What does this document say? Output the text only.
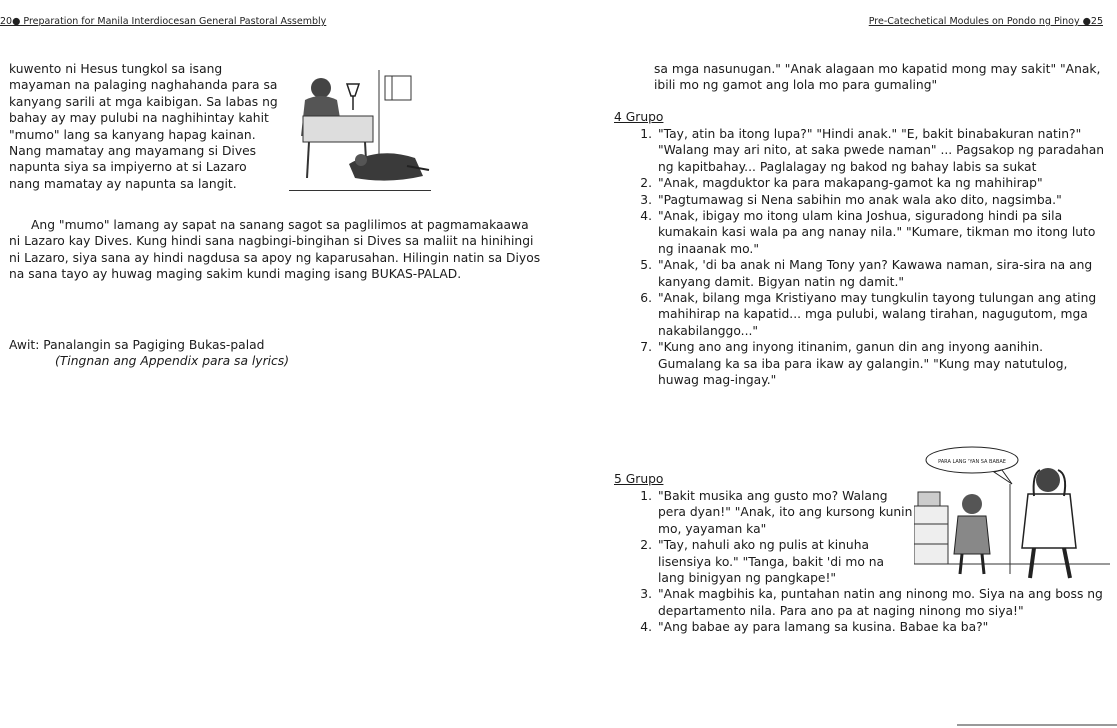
20● Preparation for Manila Interdiocesan General Pastoral Assembly
kuwento ni Hesus tungkol sa isang mayaman na palaging naghahanda para sa kanyang sarili at mga kaibigan. Sa labas ng bahay ay may pulubi na naghihintay kahit "mumo" lang sa kanyang hapag kainan. Nang mamatay ang mayamang si Dives napunta siya sa impiyerno at si Lazaro nang mamatay ay napunta sa langit.
Ang "mumo" lamang ay sapat na sanang sagot sa paglilimos at pagmamakaawa ni Lazaro kay Dives. Kung hindi sana nagbingi-bingihan si Dives sa maliit na hinihingi ni Lazaro, siya sana ay hindi nagdusa sa apoy ng kaparusahan. Hilingin natin sa Diyos na sana tayo ay huwag maging sakim kundi maging isang BUKAS-PALAD.
Awit: Panalangin sa Pagiging Bukas-palad
(Tingnan ang Appendix para sa lyrics)
Pre-Catechetical Modules on Pondo ng Pinoy ●25
sa mga nasunugan." "Anak alagaan mo kapatid mong may sakit" "Anak, ibili mo ng gamot ang lola mo para gumaling"
4 Grupo
1. "Tay, atin ba itong lupa?" "Hindi anak." "E, bakit binabakuran natin?" "Walang may ari nito, at saka pwede naman" ... Pagsakop ng paradahan ng kapitbahay... Paglalagay ng bakod ng bahay labis sa sukat
2. "Anak, magduktor ka para makapang-gamot ka ng mahihirap"
3. "Pagtumawag si Nena sabihin mo anak wala ako dito, nagsimba."
4. "Anak, ibigay mo itong ulam kina Joshua, siguradong hindi pa sila kumakain kasi wala pa ang nanay nila." "Kumare, tikman mo itong luto ng inaanak mo."
5. "Anak, 'di ba anak ni Mang Tony yan? Kawawa naman, sira-sira na ang kanyang damit. Bigyan natin ng damit."
6. "Anak, bilang mga Kristiyano may tungkulin tayong tulungan ang ating mahihirap na kapatid... mga pulubi, walang tirahan, nagugutom, mga nakabilanggo..."
7. "Kung ano ang inyong itinanim, ganun din ang inyong aanihin. Gumalang ka sa iba para ikaw ay galangin." "Kung may natutulog, huwag mag-ingay."
PARA LANG 'YAN SA BABAE
5 Grupo
1. "Bakit musika ang gusto mo? Walang pera dyan!" "Anak, ito ang kursong kunin mo, yayaman ka"
2. "Tay, nahuli ako ng pulis at kinuha lisensiya ko." "Tanga, bakit 'di mo na lang binigyan ng pangkape!"
3. "Anak magbihis ka, puntahan natin ang ninong mo. Siya na ang boss ng departamento nila. Para ano pa at naging ninong mo siya!"
4. "Ang babae ay para lamang sa kusina. Babae ka ba?"
